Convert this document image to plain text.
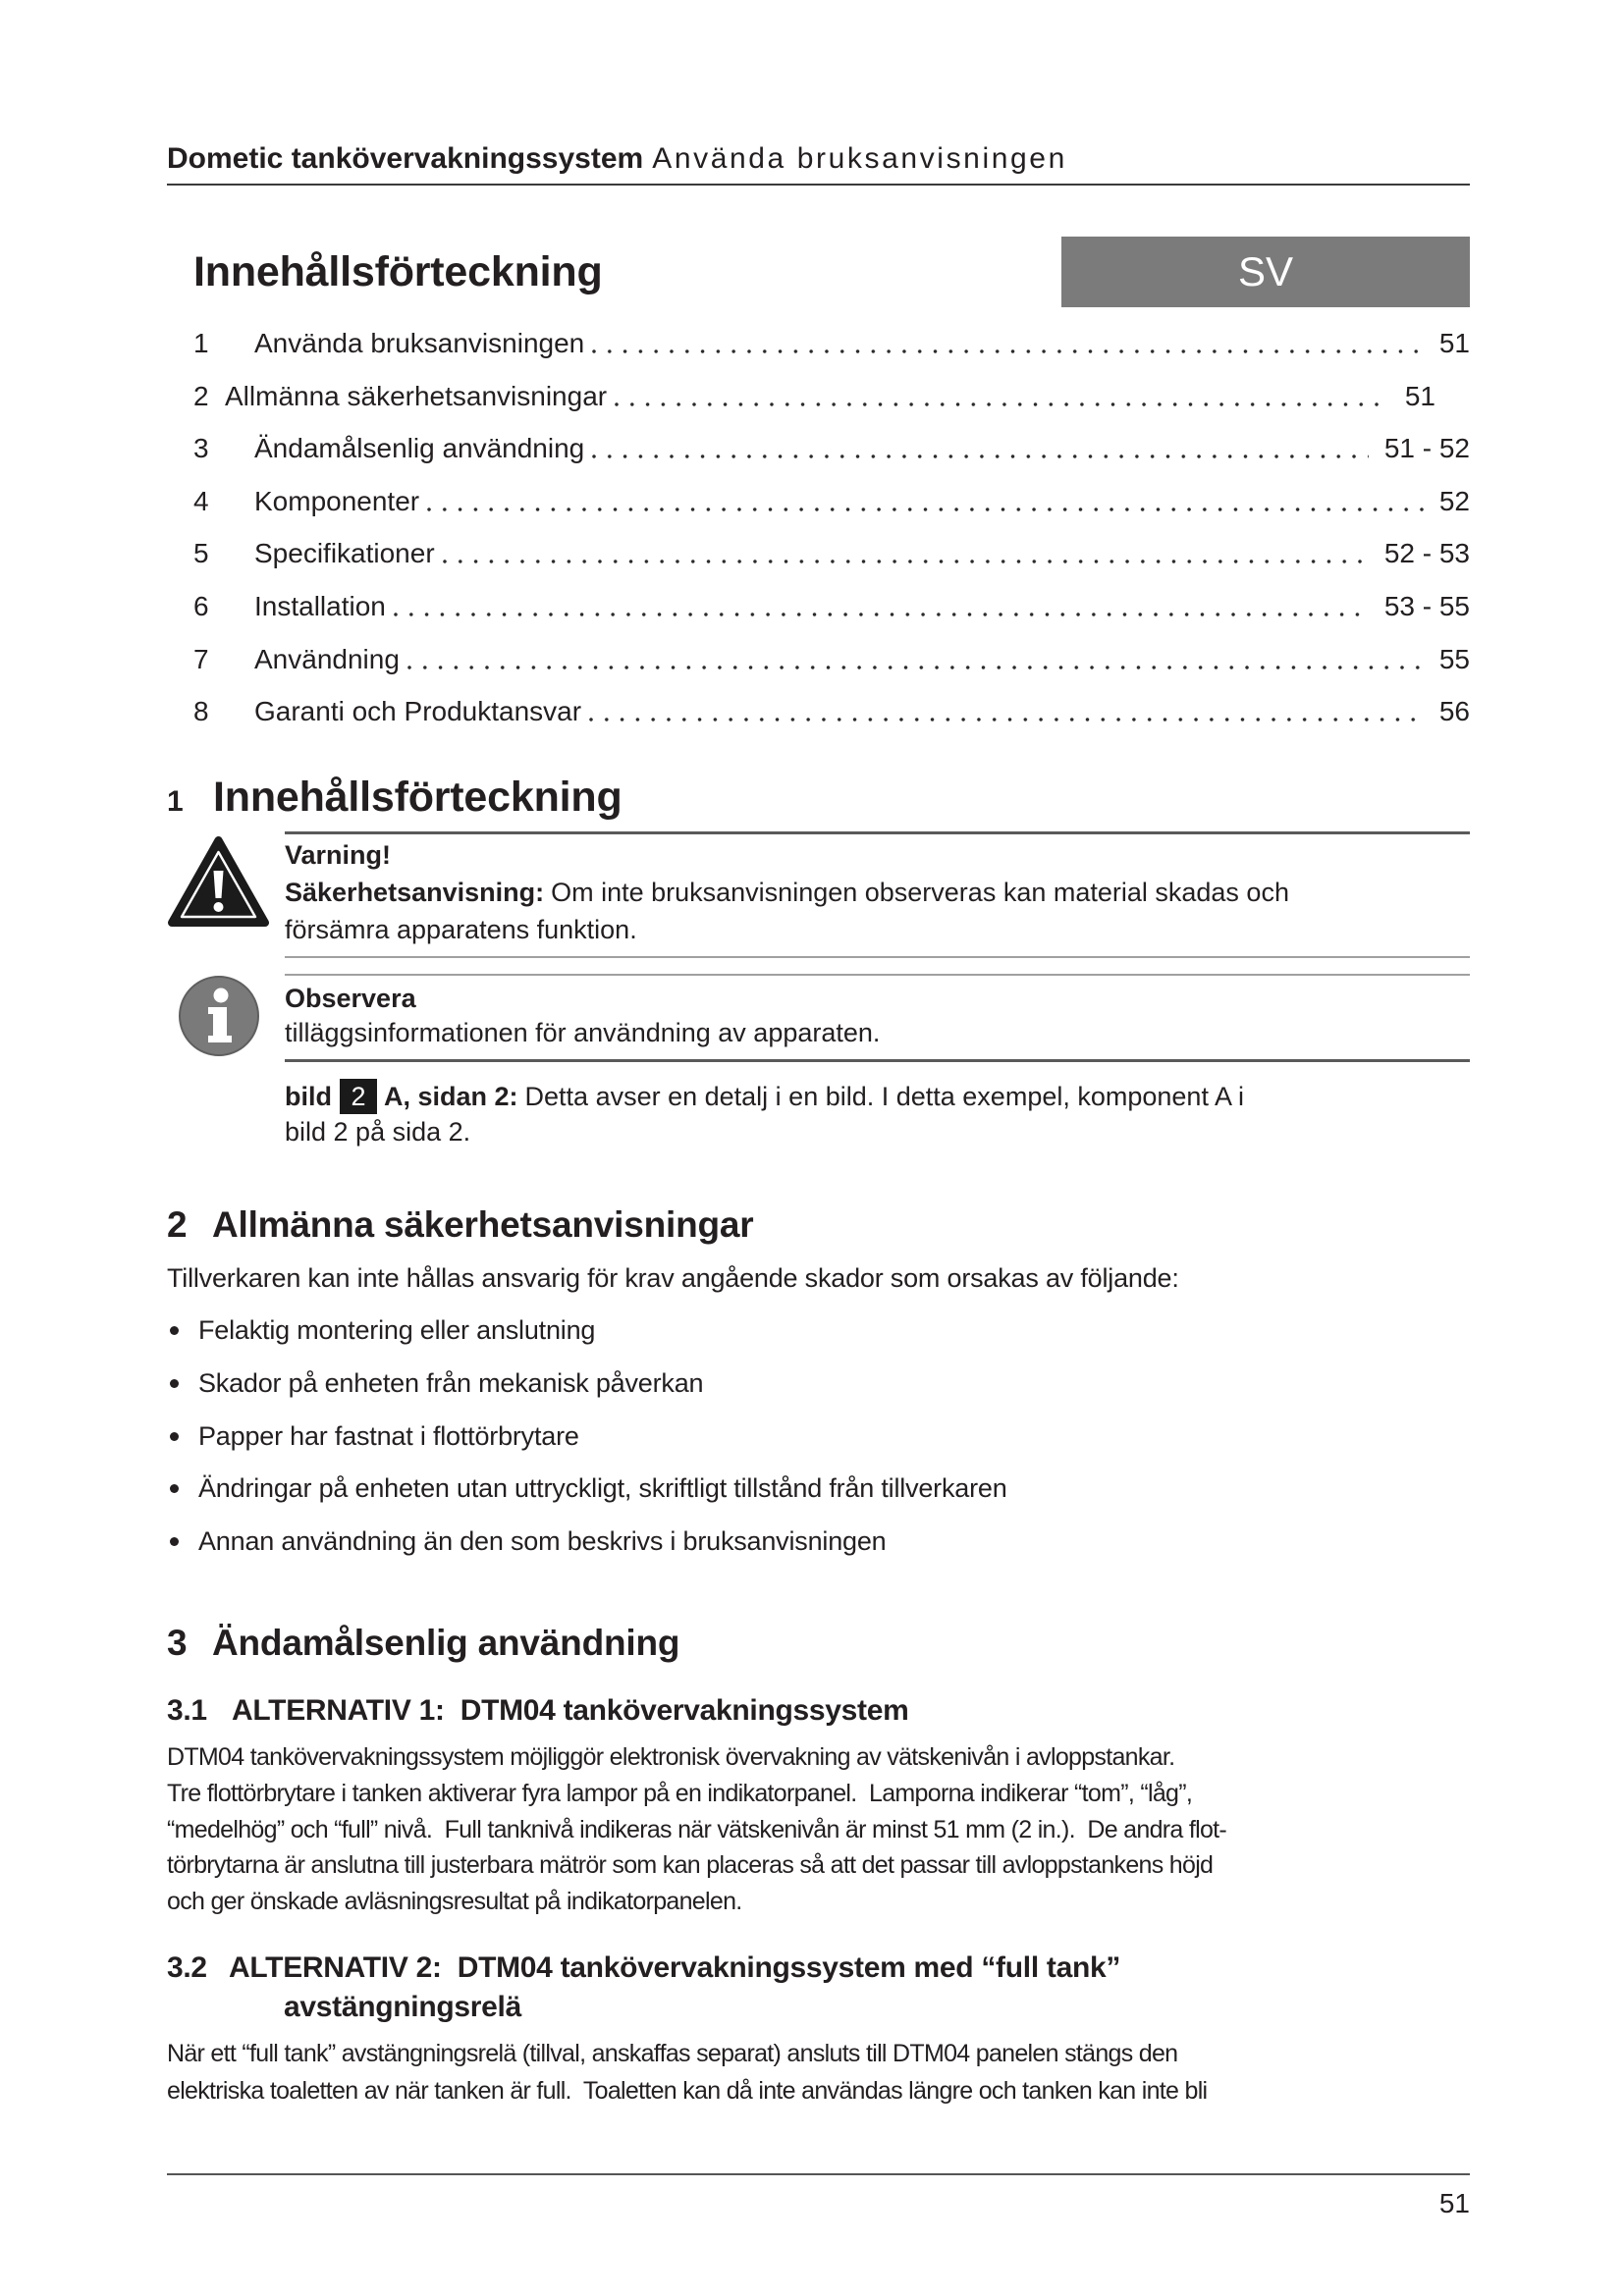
Dometic tankövervakningssystem Använda bruksanvisningen
Innehållsförteckning	SV
1	Använda bruksanvisningen	51
2 Allmänna säkerhetsanvisningar	51
3	Ändamålsenlig användning	51 - 52
4	Komponenter	52
5	Specifikationer	52 - 53
6	Installation	53 - 55
7	Användning	55
8	Garanti och Produktansvar	56
1 Innehållsförteckning
Varning!
Säkerhetsanvisning: Om inte bruksanvisningen observeras kan material skadas och
försämra apparatens funktion.
Observera
tilläggsinformationen för användning av apparaten.
bild 2 A, sidan 2: Detta avser en detalj i en bild. I detta exempel, komponent A i
bild 2 på sida 2.
2 Allmänna säkerhetsanvisningar
Tillverkaren kan inte hållas ansvarig för krav angående skador som orsakas av följande:
Felaktig montering eller anslutning
Skador på enheten från mekanisk påverkan
Papper har fastnat i flottörbrytare
Ändringar på enheten utan uttryckligt, skriftligt tillstånd från tillverkaren
Annan användning än den som beskrivs i bruksanvisningen
3 Ändamålsenlig användning
3.1 ALTERNATIV 1:  DTM04 tankövervakningssystem
DTM04 tankövervakningssystem möjliggör elektronisk övervakning av vätskenivån i avloppstankar.
Tre flottörbrytare i tanken aktiverar fyra lampor på en indikatorpanel.  Lamporna indikerar “tom”, “låg”,
“medelhög” och “full” nivå.  Full tanknivå indikeras när vätskenivån är minst 51 mm (2 in.).  De andra flot-
törbrytarna är anslutna till justerbara mätrör som kan placeras så att det passar till avloppstankens höjd
och ger önskade avläsningsresultat på indikatorpanelen.
3.2 ALTERNATIV 2:  DTM04 tankövervakningssystem med “full tank”
avstängningsrelä
När ett “full tank” avstängningsrelä (tillval, anskaffas separat) ansluts till DTM04 panelen stängs den
elektriska toaletten av när tanken är full.  Toaletten kan då inte användas längre och tanken kan inte bli
51
